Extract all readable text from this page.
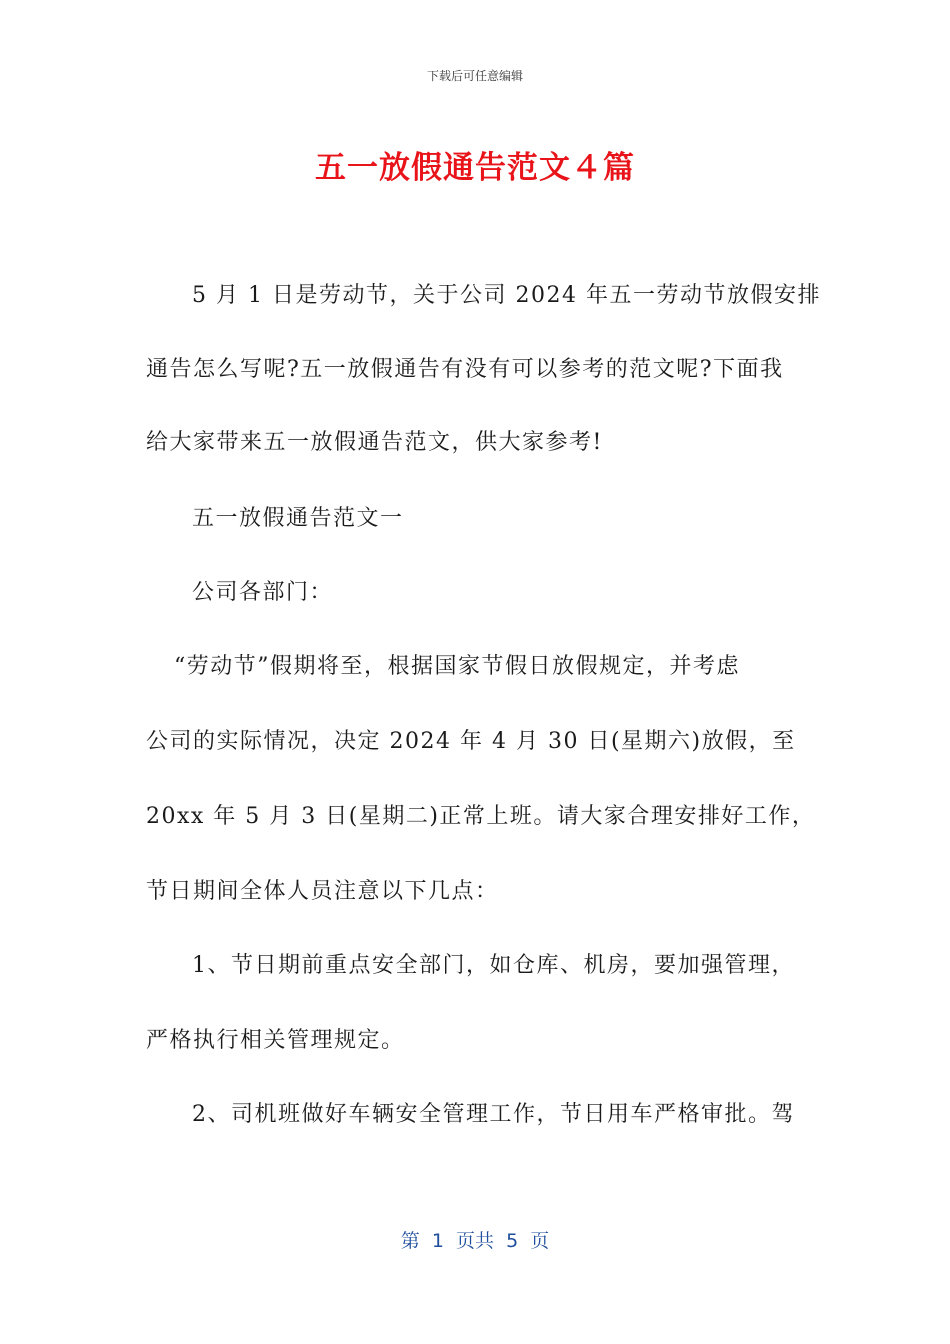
下载后可任意编辑
五一放假通告范文４篇
5 月 1 日是劳动节，关于公司 2024 年五一劳动节放假安排
通告怎么写呢?五一放假通告有没有可以参考的范文呢?下面我
给大家带来五一放假通告范文，供大家参考!
五一放假通告范文一
公司各部门：
“劳动节”假期将至，根据国家节假日放假规定，并考虑
公司的实际情况，决定 2024 年 4 月 30 日(星期六)放假，至
20xx 年 5 月 3 日(星期二)正常上班。请大家合理安排好工作，
节日期间全体人员注意以下几点：
1、节日期前重点安全部门，如仓库、机房，要加强管理，
严格执行相关管理规定。
2、司机班做好车辆安全管理工作，节日用车严格审批。驾
第  1  页共  5  页
